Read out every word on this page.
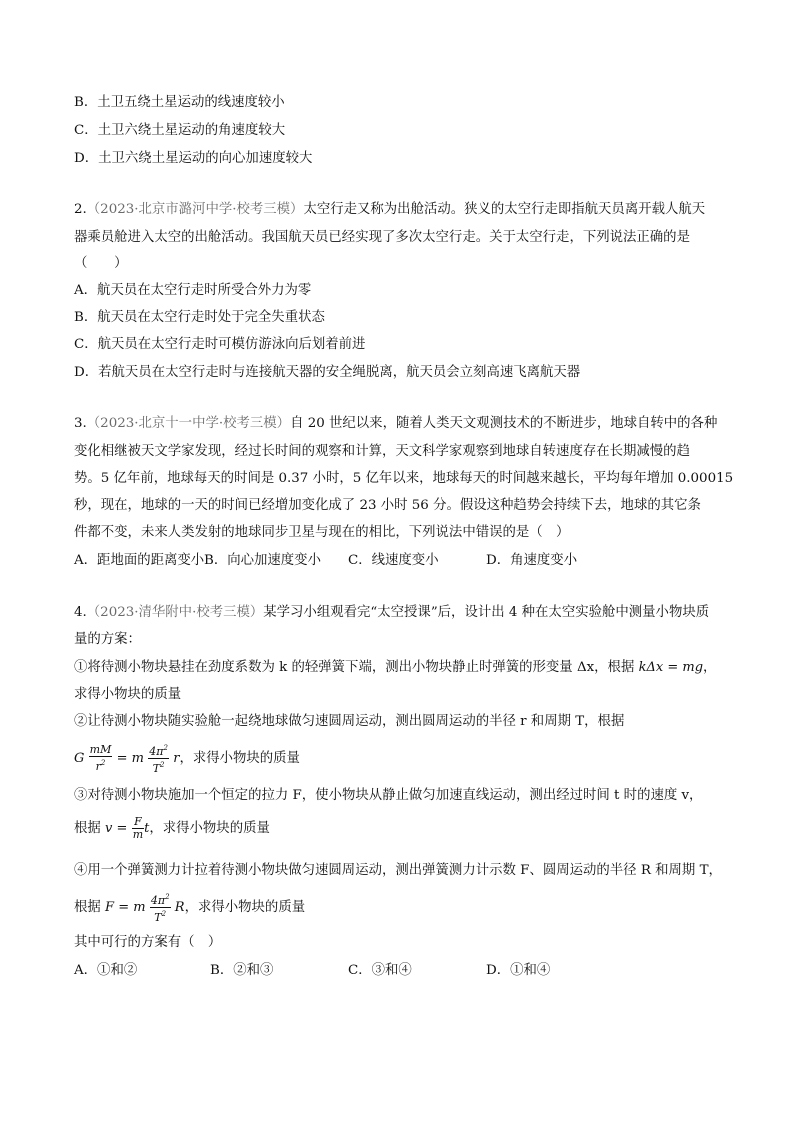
B．土卫五绕土星运动的线速度较小
C．土卫六绕土星运动的角速度较大
D．土卫六绕土星运动的向心加速度较大
2.（2023·北京市潞河中学·校考三模）太空行走又称为出舱活动。狭义的太空行走即指航天员离开载人航天
器乘员舱进入太空的出舱活动。我国航天员已经实现了多次太空行走。关于太空行走，下列说法正确的是
（　　）
A．航天员在太空行走时所受合外力为零
B．航天员在太空行走时处于完全失重状态
C．航天员在太空行走时可模仿游泳向后划着前进
D．若航天员在太空行走时与连接航天器的安全绳脱离，航天员会立刻高速飞离航天器
3.（2023·北京十一中学·校考三模）自 20 世纪以来，随着人类天文观测技术的不断进步，地球自转中的各种
变化相继被天文学家发现，经过长时间的观察和计算，天文科学家观察到地球自转速度存在长期减慢的趋
势。5 亿年前，地球每天的时间是 0.37 小时，5 亿年以来，地球每天的时间越来越长，平均每年增加 0.00015
秒，现在，地球的一天的时间已经增加变化成了 23 小时 56 分。假设这种趋势会持续下去，地球的其它条
件都不变，未来人类发射的地球同步卫星与现在的相比，下列说法中错误的是（　）
A．距地面的距离变小 B．向心加速度变小 C．线速度变小	D．角速度变小
4.（2023·清华附中·校考三模）某学习小组观看完“太空授课”后，设计出 4 种在太空实验舱中测量小物块质
量的方案：
①将待测小物块悬挂在劲度系数为 k 的轻弹簧下端，测出小物块静止时弹簧的形变量 Δx，根据 kΔx = mg，
求得小物块的质量
②让待测小物块随实验舱一起绕地球做匀速圆周运动，测出圆周运动的半径 r 和周期 T，根据
G $\frac{mM}{r^2} = m \frac{4\pi^2}{T^2}$ r，求得小物块的质量
③对待测小物块施加一个恒定的拉力 F，使小物块从静止做匀加速直线运动，测出经过时间 t 时的速度 v，
根据 $v = \frac{F}{m}$ t，求得小物块的质量
④用一个弹簧测力计拉着待测小物块做匀速圆周运动，测出弹簧测力计示数 F、圆周运动的半径 R 和周期 T，
根据 F = m $\frac{4\pi^2}{T^2}$ R，求得小物块的质量
其中可行的方案有（　）
A．①和②	B．②和③	C．③和④	D．①和④
